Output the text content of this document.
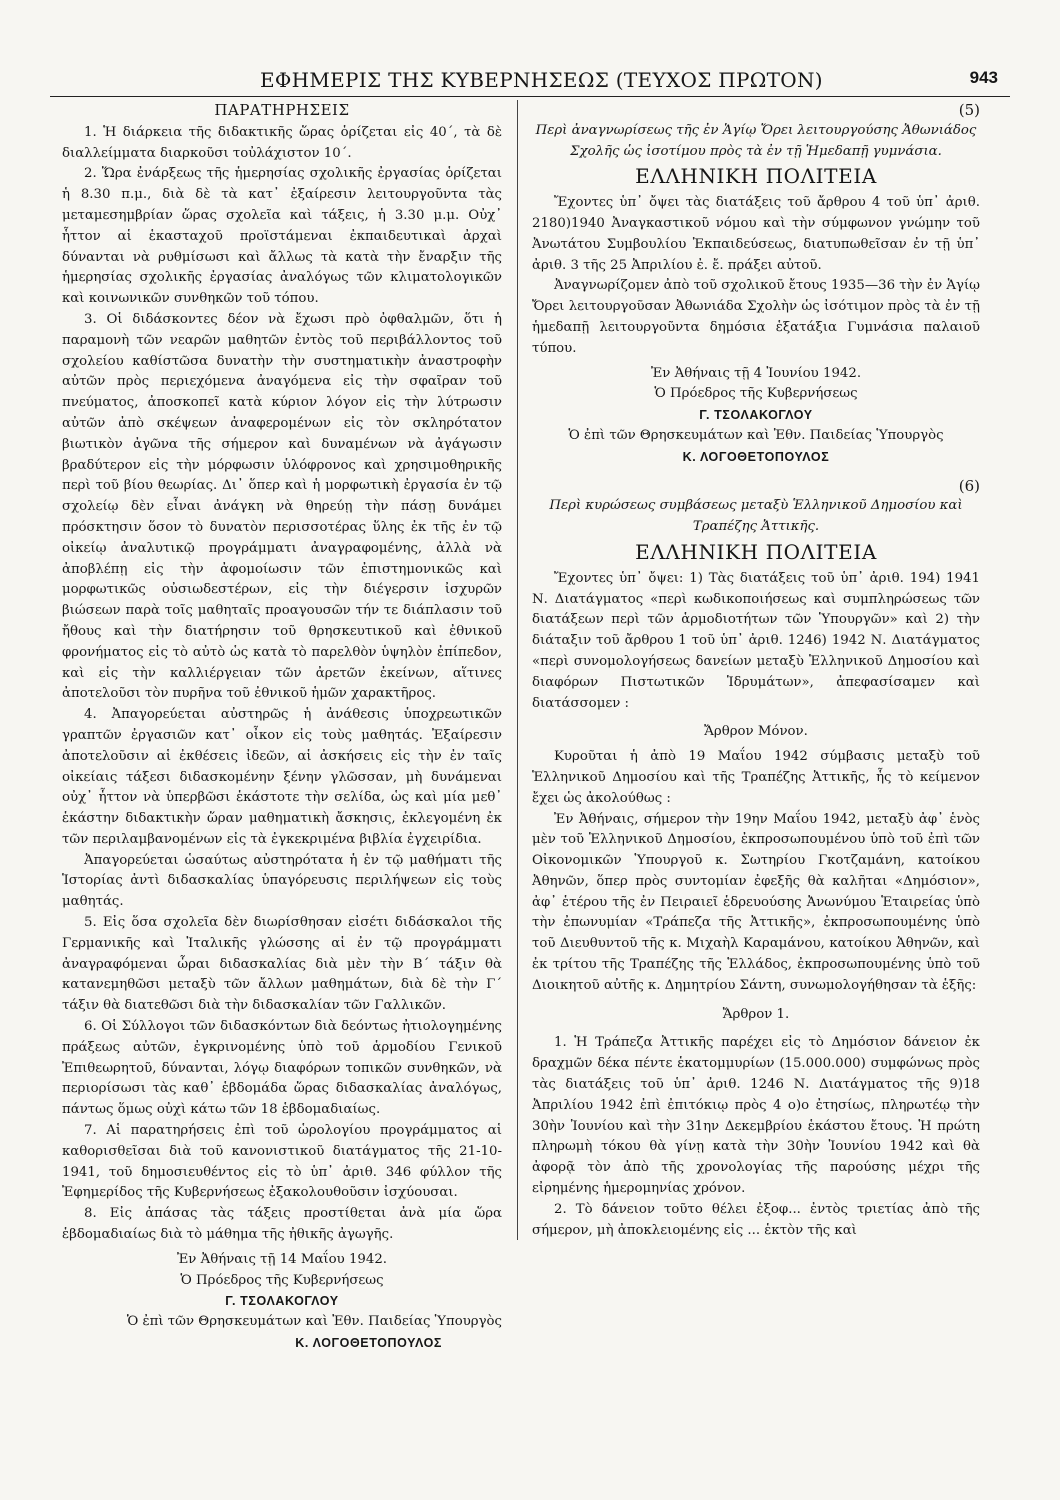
ΕΦΗΜΕΡΙΣ ΤΗΣ ΚΥΒΕΡΝΗΣΕΩΣ (ΤΕΥΧΟΣ ΠΡΩΤΟΝ)	943

ΠΑΡΑΤΗΡΗΣΕΙΣ

1. Ἡ διάρκεια τῆς διδακτικῆς ὥρας ὁρίζεται εἰς 40΄, τὰ δὲ διαλλείμματα διαρκοῦσι τοὐλάχιστον 10΄.

2. Ὥρα ἐνάρξεως τῆς ἡμερησίας σχολικῆς ἐργασίας ὁρίζεται ἡ 8.30 π.μ., διὰ δὲ τὰ κατ᾽ ἐξαίρεσιν λειτουργοῦντα τὰς μεταμεσημβρίαν ὥρας σχολεῖα καὶ τάξεις, ἡ 3.30 μ.μ. Οὐχ᾽ ἧττον αἱ ἑκασταχοῦ προϊστάμεναι ἐκπαιδευτικαὶ ἀρχαὶ δύνανται νὰ ρυθμίσωσι καὶ ἄλλως τὰ κατὰ τὴν ἔναρξιν τῆς ἡμερησίας σχολικῆς ἐργασίας ἀναλόγως τῶν κλιματολογικῶν καὶ κοινωνικῶν συνθηκῶν τοῦ τόπου.

3. Οἱ διδάσκοντες δέον νὰ ἔχωσι πρὸ ὀφθαλμῶν, ὅτι ἡ παραμονὴ τῶν νεαρῶν μαθητῶν ἐντὸς τοῦ περιβάλλοντος τοῦ σχολείου καθίστῶσα δυνατὴν τὴν συστηματικὴν ἀναστροφὴν αὐτῶν πρὸς περιεχόμενα ἀναγόμενα εἰς τὴν σφαῖραν τοῦ πνεύματος, ἀποσκοπεῖ κατὰ κύριον λόγον εἰς τὴν λύτρωσιν αὐτῶν ἀπὸ σκέψεων ἀναφερομένων εἰς τὸν σκληρότατον βιωτικὸν ἀγῶνα τῆς σήμερον καὶ δυναμένων νὰ ἀγάγωσιν βραδύτερον εἰς τὴν μόρφωσιν ὑλόφρονος καὶ χρησιμοθηρικῆς περὶ τοῦ βίου θεωρίας. Δι᾽ ὅπερ καὶ ἡ μορφωτικὴ ἐργασία ἐν τῷ σχολείῳ δὲν εἶναι ἀνάγκη νὰ θηρεύῃ τὴν πάσῃ δυνάμει πρόσκτησιν ὅσον τὸ δυνατὸν περισσοτέρας ὕλης ἐκ τῆς ἐν τῷ οἰκείῳ ἀναλυτικῷ προγράμματι ἀναγραφομένης, ἀλλὰ νὰ ἀποβλέπῃ εἰς τὴν ἀφομοίωσιν τῶν ἐπιστημονικῶς καὶ μορφωτικῶς οὐσιωδεστέρων, εἰς τὴν διέγερσιν ἰσχυρῶν βιώσεων παρὰ τοῖς μαθηταῖς προαγουσῶν τήν τε διάπλασιν τοῦ ἤθους καὶ τὴν διατήρησιν τοῦ θρησκευτικοῦ καὶ ἐθνικοῦ φρονήματος εἰς τὸ αὐτὸ ὡς κατὰ τὸ παρελθὸν ὑψηλὸν ἐπίπεδον, καὶ εἰς τὴν καλλιέργειαν τῶν ἀρετῶν ἐκείνων, αἵτινες ἀποτελοῦσι τὸν πυρῆνα τοῦ ἐθνικοῦ ἡμῶν χαρακτῆρος.

4. Ἀπαγορεύεται αὐστηρῶς ἡ ἀνάθεσις ὑποχρεωτικῶν γραπτῶν ἐργασιῶν κατ᾽ οἶκον εἰς τοὺς μαθητάς. Ἐξαίρεσιν ἀποτελοῦσιν αἱ ἐκθέσεις ἰδεῶν, αἱ ἀσκήσεις εἰς τὴν ἐν ταῖς οἰκείαις τάξεσι διδασκομένην ξένην γλῶσσαν, μὴ δυνάμεναι οὐχ᾽ ἧττον νὰ ὑπερβῶσι ἑκάστοτε τὴν σελίδα, ὡς καὶ μία μεθ᾽ ἑκάστην διδακτικὴν ὥραν μαθηματικὴ ἄσκησις, ἐκλεγομένη ἐκ τῶν περιλαμβανομένων εἰς τὰ ἐγκεκριμένα βιβλία ἐγχειρίδια.

Ἀπαγορεύεται ὡσαύτως αὐστηρότατα ἡ ἐν τῷ μαθήματι τῆς Ἱστορίας ἀντὶ διδασκαλίας ὑπαγόρευσις περιλήψεων εἰς τοὺς μαθητάς.

5. Εἰς ὅσα σχολεῖα δὲν διωρίσθησαν εἰσέτι διδάσκαλοι τῆς Γερμανικῆς καὶ Ἰταλικῆς γλώσσης αἱ ἐν τῷ προγράμματι ἀναγραφόμεναι ὧραι διδασκαλίας διὰ μὲν τὴν Β΄ τάξιν θὰ κατανεμηθῶσι μεταξὺ τῶν ἄλλων μαθημάτων, διὰ δὲ τὴν Γ΄ τάξιν θὰ διατεθῶσι διὰ τὴν διδασκαλίαν τῶν Γαλλικῶν.

6. Οἱ Σύλλογοι τῶν διδασκόντων διὰ δεόντως ἠτιολογημένης πράξεως αὐτῶν, ἐγκρινομένης ὑπὸ τοῦ ἁρμοδίου Γενικοῦ Ἐπιθεωρητοῦ, δύνανται, λόγῳ διαφόρων τοπικῶν συνθηκῶν, νὰ περιορίσωσι τὰς καθ᾽ ἑβδομάδα ὥρας διδασκαλίας ἀναλόγως, πάντως ὅμως οὐχὶ κάτω τῶν 18 ἑβδομαδιαίως.

7. Αἱ παρατηρήσεις ἐπὶ τοῦ ὡρολογίου προγράμματος αἱ καθορισθεῖσαι διὰ τοῦ κανονιστικοῦ διατάγματος τῆς 21-10-1941, τοῦ δημοσιευθέντος εἰς τὸ ὑπ᾽ ἀριθ. 346 φύλλον τῆς Ἐφημερίδος τῆς Κυβερνήσεως ἐξακολουθοῦσιν ἰσχύουσαι.

8. Εἰς ἁπάσας τὰς τάξεις προστίθεται ἀνὰ μία ὥρα ἑβδομαδιαίως διὰ τὸ μάθημα τῆς ἠθικῆς ἀγωγῆς.

Ἐν Ἀθήναις τῇ 14 Μαΐου 1942.

Ὁ Πρόεδρος τῆς Κυβερνήσεως

Γ. ΤΣΟΛΑΚΟΓΛΟΥ

Ὁ ἐπὶ τῶν Θρησκευμάτων καὶ Ἐθν. Παιδείας Ὑπουργὸς

Κ. ΛΟΓΟΘΕΤΟΠΟΥΛΟΣ

(5)

Περὶ ἀναγνωρίσεως τῆς ἐν Ἁγίῳ Ὄρει λειτουργούσης Ἀθωνιάδος Σχολῆς ὡς ἰσοτίμου πρὸς τὰ ἐν τῇ Ἡμεδαπῇ γυμνάσια.

ΕΛΛΗΝΙΚΗ ΠΟΛΙΤΕΙΑ

Ἔχοντες ὑπ᾽ ὄψει τὰς διατάξεις τοῦ ἄρθρου 4 τοῦ ὑπ᾽ ἀριθ. 2180)1940 Ἀναγκαστικοῦ νόμου καὶ τὴν σύμφωνον γνώμην τοῦ Ἀνωτάτου Συμβουλίου Ἐκπαιδεύσεως, διατυπωθεῖσαν ἐν τῇ ὑπ᾽ ἀριθ. 3 τῆς 25 Ἀπριλίου ἐ. ἔ. πράξει αὐτοῦ.

Ἀναγνωρίζομεν ἀπὸ τοῦ σχολικοῦ ἔτους 1935—36 τὴν ἐν Ἁγίῳ Ὄρει λειτουργοῦσαν Ἀθωνιάδα Σχολὴν ὡς ἰσότιμον πρὸς τὰ ἐν τῇ ἡμεδαπῇ λειτουργοῦντα δημόσια ἑξατάξια Γυμνάσια παλαιοῦ τύπου.

Ἐν Ἀθήναις τῇ 4 Ἰουνίου 1942.

Ὁ Πρόεδρος τῆς Κυβερνήσεως

Γ. ΤΣΟΛΑΚΟΓΛΟΥ

Ὁ ἐπὶ τῶν Θρησκευμάτων καὶ Ἐθν. Παιδείας Ὑπουργὸς

Κ. ΛΟΓΟΘΕΤΟΠΟΥΛΟΣ

(6)

Περὶ κυρώσεως συμβάσεως μεταξὺ Ἑλληνικοῦ Δημοσίου καὶ Τραπέζης Ἀττικῆς.

ΕΛΛΗΝΙΚΗ ΠΟΛΙΤΕΙΑ

Ἔχοντες ὑπ᾽ ὄψει: 1) Τὰς διατάξεις τοῦ ὑπ᾽ ἀριθ. 194) 1941 Ν. Διατάγματος «περὶ κωδικοποιήσεως καὶ συμπληρώσεως τῶν διατάξεων περὶ τῶν ἁρμοδιοτήτων τῶν Ὑπουργῶν» καὶ 2) τὴν διάταξιν τοῦ ἄρθρου 1 τοῦ ὑπ᾽ ἀριθ. 1246) 1942 Ν. Διατάγματος «περὶ συνομολογήσεως δανείων μεταξὺ Ἑλληνικοῦ Δημοσίου καὶ διαφόρων Πιστωτικῶν Ἱδρυμάτων», ἀπεφασίσαμεν καὶ διατάσσομεν :

Ἄρθρον Μόνον.

Κυροῦται ἡ ἀπὸ 19 Μαΐου 1942 σύμβασις μεταξὺ τοῦ Ἑλληνικοῦ Δημοσίου καὶ τῆς Τραπέζης Ἀττικῆς, ἧς τὸ κείμενον ἔχει ὡς ἀκολούθως :

Ἐν Ἀθήναις, σήμερον τὴν 19ην Μαΐου 1942, μεταξὺ ἀφ᾽ ἑνὸς μὲν τοῦ Ἑλληνικοῦ Δημοσίου, ἐκπροσωπουμένου ὑπὸ τοῦ ἐπὶ τῶν Οἰκονομικῶν Ὑπουργοῦ κ. Σωτηρίου Γκοτζαμάνη, κατοίκου Ἀθηνῶν, ὅπερ πρὸς συντομίαν ἐφεξῆς θὰ καλῆται «Δημόσιον», ἀφ᾽ ἑτέρου τῆς ἐν Πειραιεῖ ἑδρευούσης Ἀνωνύμου Ἑταιρείας ὑπὸ τὴν ἐπωνυμίαν «Τράπεζα τῆς Ἀττικῆς», ἐκπροσωπουμένης ὑπὸ τοῦ Διευθυντοῦ τῆς κ. Μιχαὴλ Καραμάνου, κατοίκου Ἀθηνῶν, καὶ ἐκ τρίτου τῆς Τραπέζης τῆς Ἑλλάδος, ἐκπροσωπουμένης ὑπὸ τοῦ Διοικητοῦ αὐτῆς κ. Δημητρίου Σάντη, συνωμολογήθησαν τὰ ἑξῆς:

Ἄρθρον 1.

1. Ἡ Τράπεζα Ἀττικῆς παρέχει εἰς τὸ Δημόσιον δάνειον ἐκ δραχμῶν δέκα πέντε ἑκατομμυρίων (15.000.000) συμφώνως πρὸς τὰς διατάξεις τοῦ ὑπ᾽ ἀριθ. 1246 Ν. Διατάγματος τῆς 9)18 Ἀπριλίου 1942 ἐπὶ ἐπιτόκιῳ πρὸς 4 ο)ο ἐτησίως, πληρωτέῳ τὴν 30ὴν Ἰουνίου καὶ τὴν 31ην Δεκεμβρίου ἑκάστου ἔτους. Ἡ πρώτη πληρωμὴ τόκου θὰ γίνῃ κατὰ τὴν 30ὴν Ἰουνίου 1942 καὶ θὰ ἀφορᾷ τὸν ἀπὸ τῆς χρονολογίας τῆς παρούσης μέχρι τῆς εἰρημένης ἡμερομηνίας χρόνον.

2. Τὸ δάνειον τοῦτο θέλει ἐξοφ... ἐντὸς τριετίας ἀπὸ τῆς σήμερον, μὴ ἀποκλειομένης εἰς ... ἑκτὸν τῆς καὶ
